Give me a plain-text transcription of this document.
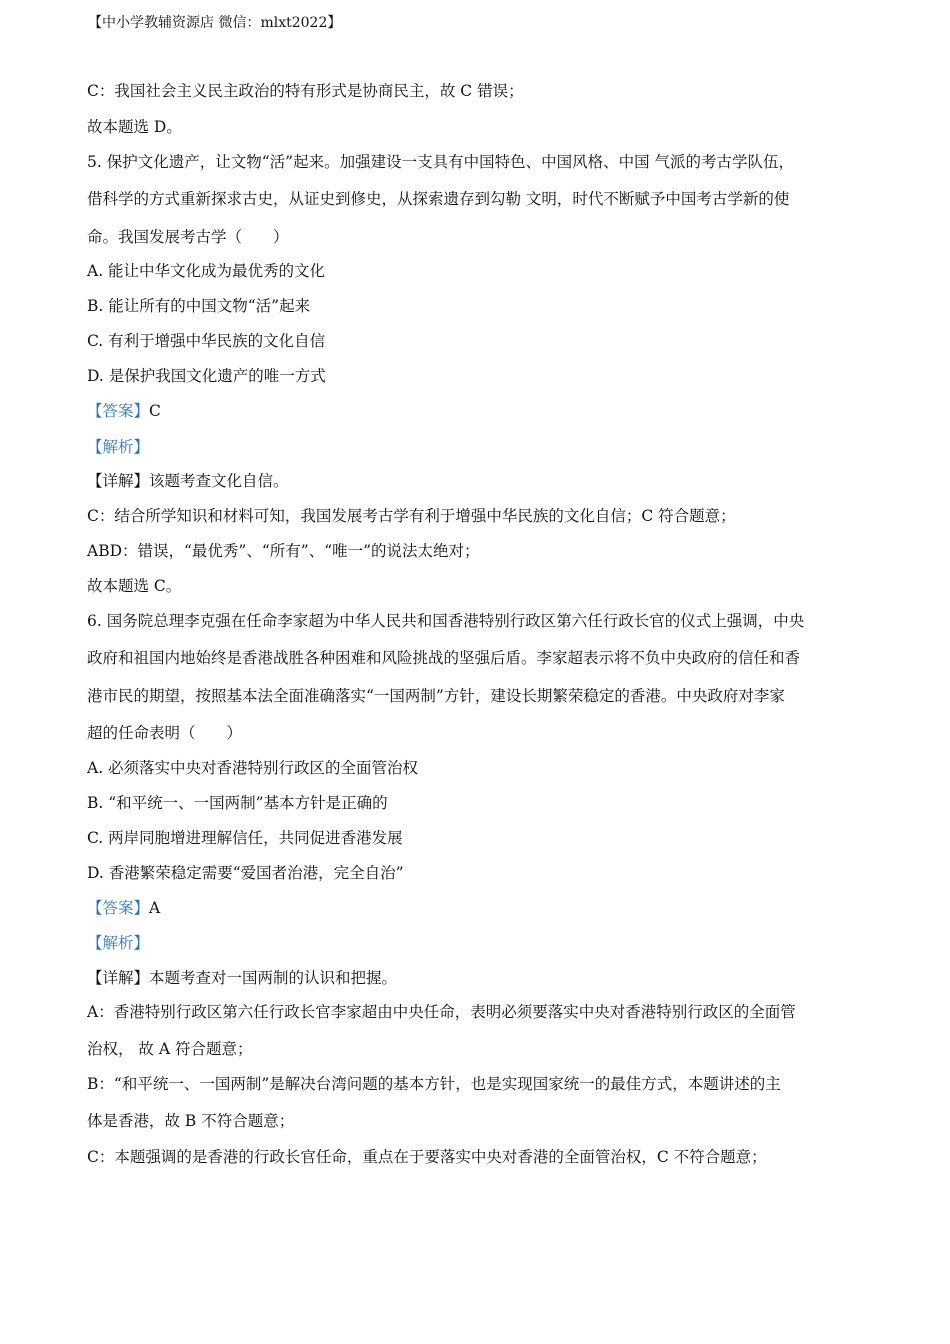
【中小学教辅资源店 微信：mlxt2022】
C：我国社会主义民主政治的特有形式是协商民主，故 C 错误；
故本题选 D。
5. 保护文化遗产，让文物“活”起来。加强建设一支具有中国特色、中国风格、中国 气派的考古学队伍，
借科学的方式重新探求古史，从证史到修史，从探索遗存到勾勒 文明，时代不断赋予中国考古学新的使
命。我国发展考古学（　　）
A. 能让中华文化成为最优秀的文化
B. 能让所有的中国文物“活”起来
C. 有利于增强中华民族的文化自信
D. 是保护我国文化遗产的唯一方式
【答案】C
【解析】
【详解】该题考查文化自信。
C：结合所学知识和材料可知，我国发展考古学有利于增强中华民族的文化自信；C 符合题意；
ABD：错误，“最优秀”、“所有”、“唯一”的说法太绝对；
故本题选 C。
6. 国务院总理李克强在任命李家超为中华人民共和国香港特别行政区第六任行政长官的仪式上强调，中央
政府和祖国内地始终是香港战胜各种困难和风险挑战的坚强后盾。李家超表示将不负中央政府的信任和香
港市民的期望，按照基本法全面准确落实“一国两制”方针，建设长期繁荣稳定的香港。中央政府对李家
超的任命表明（　　）
A. 必须落实中央对香港特别行政区的全面管治权
B. “和平统一、一国两制”基本方针是正确的
C. 两岸同胞增进理解信任，共同促进香港发展
D. 香港繁荣稳定需要“爱国者治港，完全自治”
【答案】A
【解析】
【详解】本题考查对一国两制的认识和把握。
A：香港特别行政区第六任行政长官李家超由中央任命，表明必须要落实中央对香港特别行政区的全面管
治权， 故 A 符合题意；
B：“和平统一、一国两制”是解决台湾问题的基本方针，也是实现国家统一的最佳方式，本题讲述的主
体是香港，故 B 不符合题意；
C：本题强调的是香港的行政长官任命，重点在于要落实中央对香港的全面管治权，C 不符合题意；
